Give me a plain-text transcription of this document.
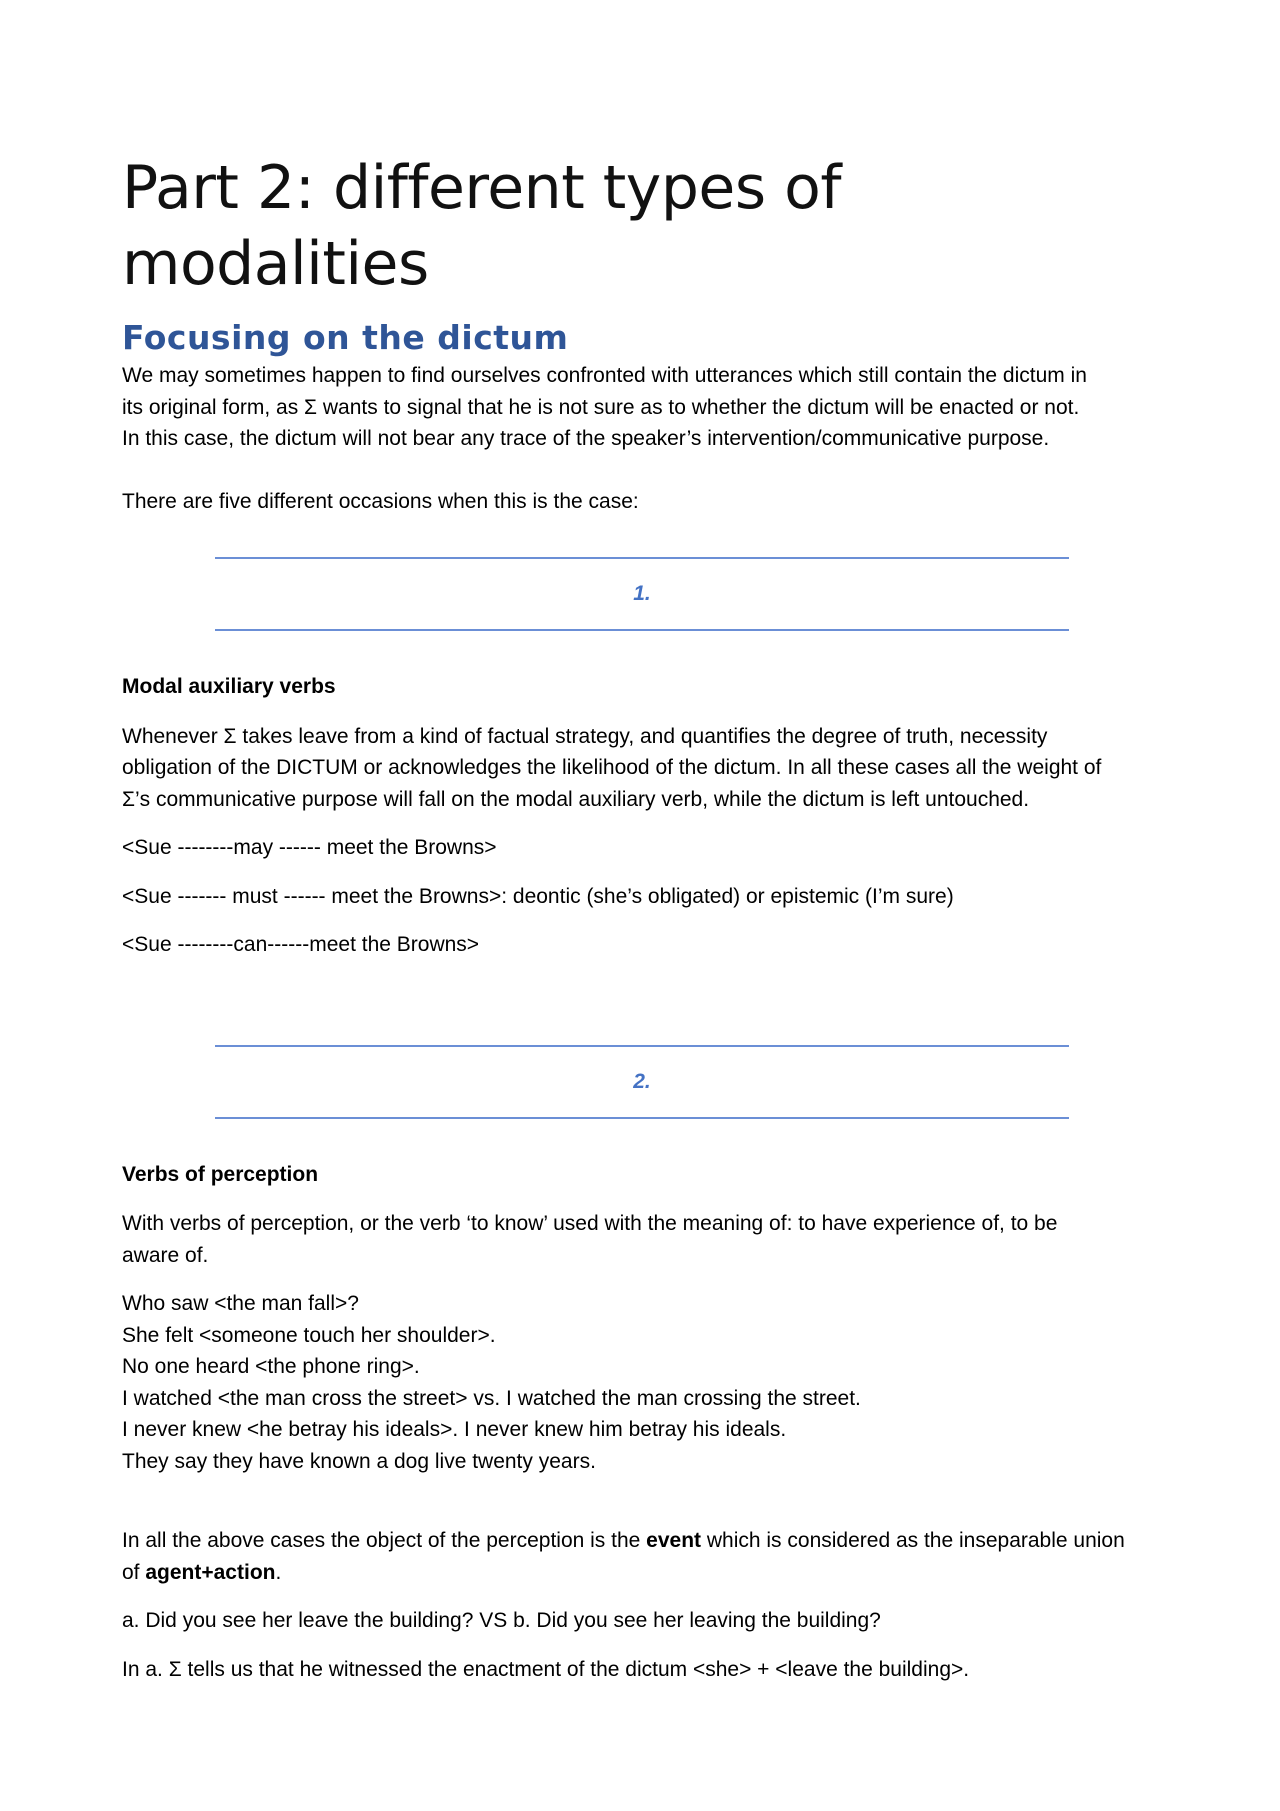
Part 2: different types of modalities
Focusing on the dictum

We may sometimes happen to find ourselves confronted with utterances which still contain the dictum in

its original form, as Σ wants to signal that he is not sure as to whether the dictum will be enacted or not.

In this case, the dictum will not bear any trace of the speaker’s intervention/communicative purpose.

There are five different occasions when this is the case:

1.

Modal auxiliary verbs

Whenever Σ takes leave from a kind of factual strategy, and quantifies the degree of truth, necessity

obligation of the DICTUM or acknowledges the likelihood of the dictum. In all these cases all the weight of

Σ’s communicative purpose will fall on the modal auxiliary verb, while the dictum is left untouched.

<Sue --------may ------ meet the Browns>

<Sue ------- must ------ meet the Browns>: deontic (she’s obligated) or epistemic (I’m sure)

<Sue --------can------meet the Browns>

2.

Verbs of perception

With verbs of perception, or the verb ‘to know’ used with the meaning of: to have experience of, to be

aware of.

Who saw <the man fall>?

She felt <someone touch her shoulder>.

No one heard <the phone ring>.

I watched <the man cross the street> vs. I watched the man crossing the street.

I never knew <he betray his ideals>. I never knew him betray his ideals.

They say they have known a dog live twenty years.

In all the above cases the object of the perception is the event which is considered as the inseparable union

of agent+action.

a. Did you see her leave the building? VS b. Did you see her leaving the building?

In a. Σ tells us that he witnessed the enactment of the dictum <she> + <leave the building>.
